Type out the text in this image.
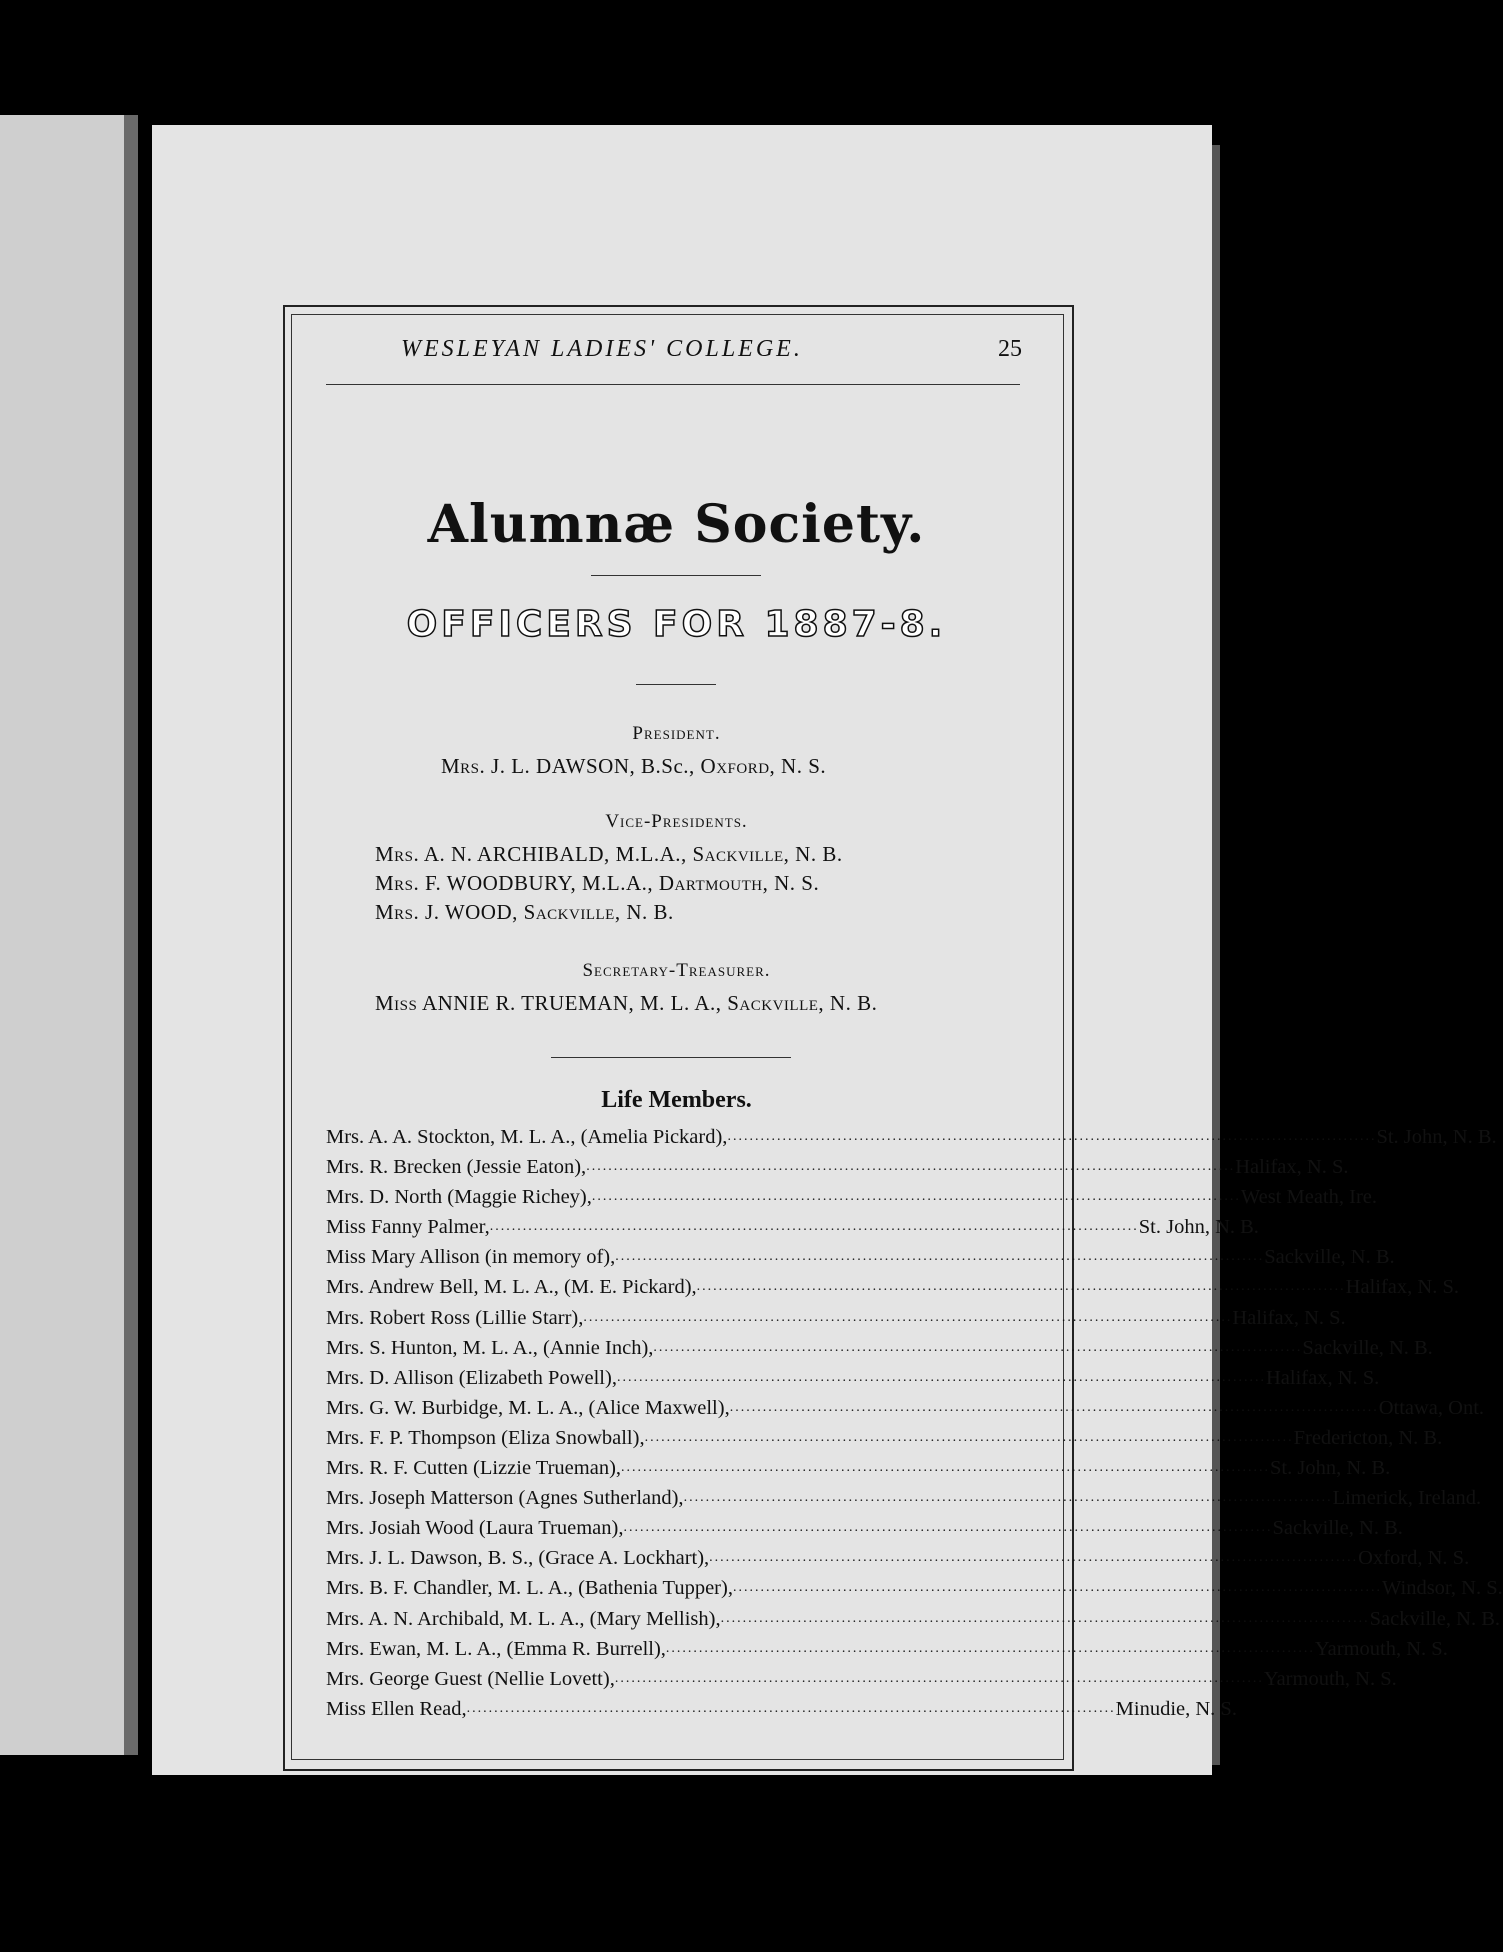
WESLEYAN LADIES' COLLEGE.	25
Alumnæ Society.
OFFICERS FOR 1887-8.
President.
Mrs. J. L. DAWSON, B.Sc., Oxford, N. S.
Vice-Presidents.
Mrs. A. N. ARCHIBALD, M.L.A., Sackville, N. B.
Mrs. F. WOODBURY, M.L.A., Dartmouth, N. S.
Mrs. J. WOOD, Sackville, N. B.
Secretary-Treasurer.
Miss ANNIE R. TRUEMAN, M. L. A., Sackville, N. B.
Life Members.
Mrs. A. A. Stockton, M. L. A., (Amelia Pickard), .....	St. John, N. B.
Mrs. R. Brecken (Jessie Eaton), .....	Halifax, N. S.
Mrs. D. North (Maggie Richey), .....	West Meath, Ire.
Miss Fanny Palmer, .....	St. John, N. B.
Miss Mary Allison (in memory of), .....	Sackville, N. B.
Mrs. Andrew Bell, M. L. A., (M. E. Pickard), .....	Halifax, N. S.
Mrs. Robert Ross (Lillie Starr), .....	Halifax, N. S.
Mrs. S. Hunton, M. L. A., (Annie Inch), .....	Sackville, N. B.
Mrs. D. Allison (Elizabeth Powell), .....	Halifax, N. S.
Mrs. G. W. Burbidge, M. L. A., (Alice Maxwell), .....	Ottawa, Ont.
Mrs. F. P. Thompson (Eliza Snowball), .....	Fredericton, N. B.
Mrs. R. F. Cutten (Lizzie Trueman), .....	St. John, N. B.
Mrs. Joseph Matterson (Agnes Sutherland), .....	Limerick, Ireland.
Mrs. Josiah Wood (Laura Trueman), .....	Sackville, N. B.
Mrs. J. L. Dawson, B. S., (Grace A. Lockhart), .....	Oxford, N. S.
Mrs. B. F. Chandler, M. L. A., (Bathenia Tupper), .....	Windsor, N. S.
Mrs. A. N. Archibald, M. L. A., (Mary Mellish), .....	Sackville, N. B.
Mrs. Ewan, M. L. A., (Emma R. Burrell), .....	Yarmouth, N. S.
Mrs. George Guest (Nellie Lovett), .....	Yarmouth, N. S.
Miss Ellen Read, .....	Minudie, N. S.
